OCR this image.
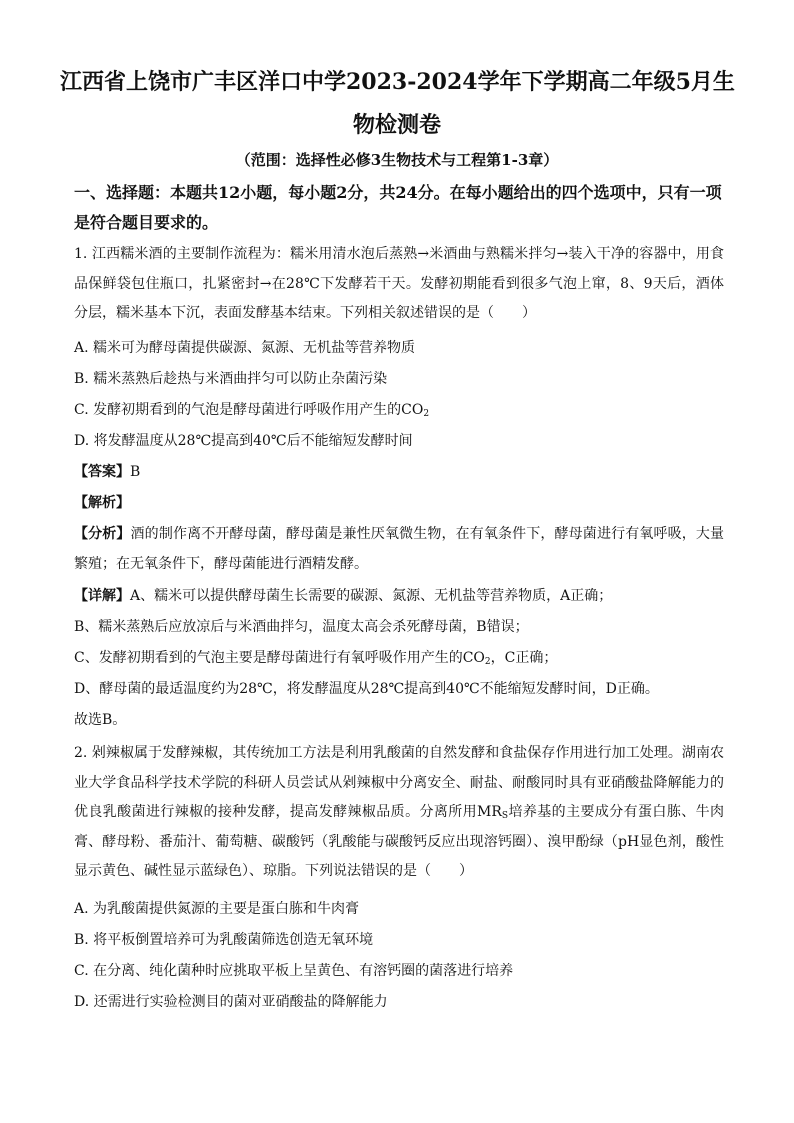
江西省上饶市广丰区洋口中学2023-2024学年下学期高二年级5月生
物检测卷
（范围：选择性必修3生物技术与工程第1-3章）
一、选择题：本题共12小题，每小题2分，共24分。在每小题给出的四个选项中，只有一项是符合题目要求的。
1. 江西糯米酒的主要制作流程为：糯米用清水泡后蒸熟→米酒曲与熟糯米拌匀→装入干净的容器中，用食品保鲜袋包住瓶口，扎紧密封→在28℃下发酵若干天。发酵初期能看到很多气泡上窜，8、9天后，酒体分层，糯米基本下沉，表面发酵基本结束。下列相关叙述错误的是（　　）
A. 糯米可为酵母菌提供碳源、氮源、无机盐等营养物质
B. 糯米蒸熟后趁热与米酒曲拌匀可以防止杂菌污染
C. 发酵初期看到的气泡是酵母菌进行呼吸作用产生的$CO_2$
D. 将发酵温度从28℃提高到40℃后不能缩短发酵时间
【答案】B
【解析】
【分析】酒的制作离不开酵母菌，酵母菌是兼性厌氧微生物，在有氧条件下，酵母菌进行有氧呼吸，大量繁殖；在无氧条件下，酵母菌能进行酒精发酵。
【详解】A、糯米可以提供酵母菌生长需要的碳源、氮源、无机盐等营养物质，A正确；
B、糯米蒸熟后应放凉后与米酒曲拌匀，温度太高会杀死酵母菌，B错误；
C、发酵初期看到的气泡主要是酵母菌进行有氧呼吸作用产生的$CO_2$，C正确；
D、酵母菌的最适温度约为28℃，将发酵温度从28℃提高到40℃不能缩短发酵时间，D正确。
故选B。
2. 剁辣椒属于发酵辣椒，其传统加工方法是利用乳酸菌的自然发酵和食盐保存作用进行加工处理。湖南农业大学食品科学技术学院的科研人员尝试从剁辣椒中分离安全、耐盐、耐酸同时具有亚硝酸盐降解能力的优良乳酸菌进行辣椒的接种发酵，提高发酵辣椒品质。分离所用$MR_S$培养基的主要成分有蛋白胨、牛肉膏、酵母粉、番茄汁、葡萄糖、碳酸钙（乳酸能与碳酸钙反应出现溶钙圈）、溴甲酚绿（pH显色剂，酸性显示黄色、碱性显示蓝绿色）、琼脂。下列说法错误的是（　　）
A. 为乳酸菌提供氮源的主要是蛋白胨和牛肉膏
B. 将平板倒置培养可为乳酸菌筛选创造无氧环境
C. 在分离、纯化菌种时应挑取平板上呈黄色、有溶钙圈的菌落进行培养
D. 还需进行实验检测目的菌对亚硝酸盐的降解能力
